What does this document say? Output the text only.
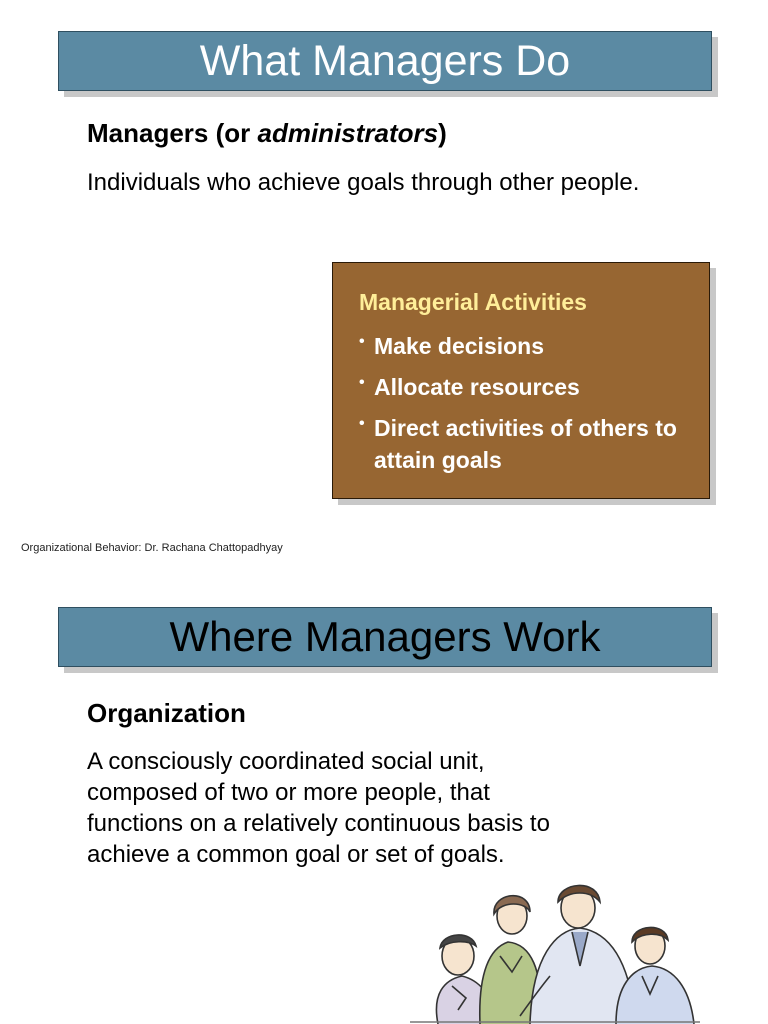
What Managers Do
Managers (or administrators)
Individuals who achieve goals through other people.
Managerial Activities
• Make decisions
• Allocate resources
• Direct activities of others to attain goals
Organizational Behavior: Dr. Rachana Chattopadhyay
Where Managers Work
Organization
A consciously coordinated social unit, composed of two or more people, that functions on a relatively continuous basis to achieve a common goal or set of goals.
